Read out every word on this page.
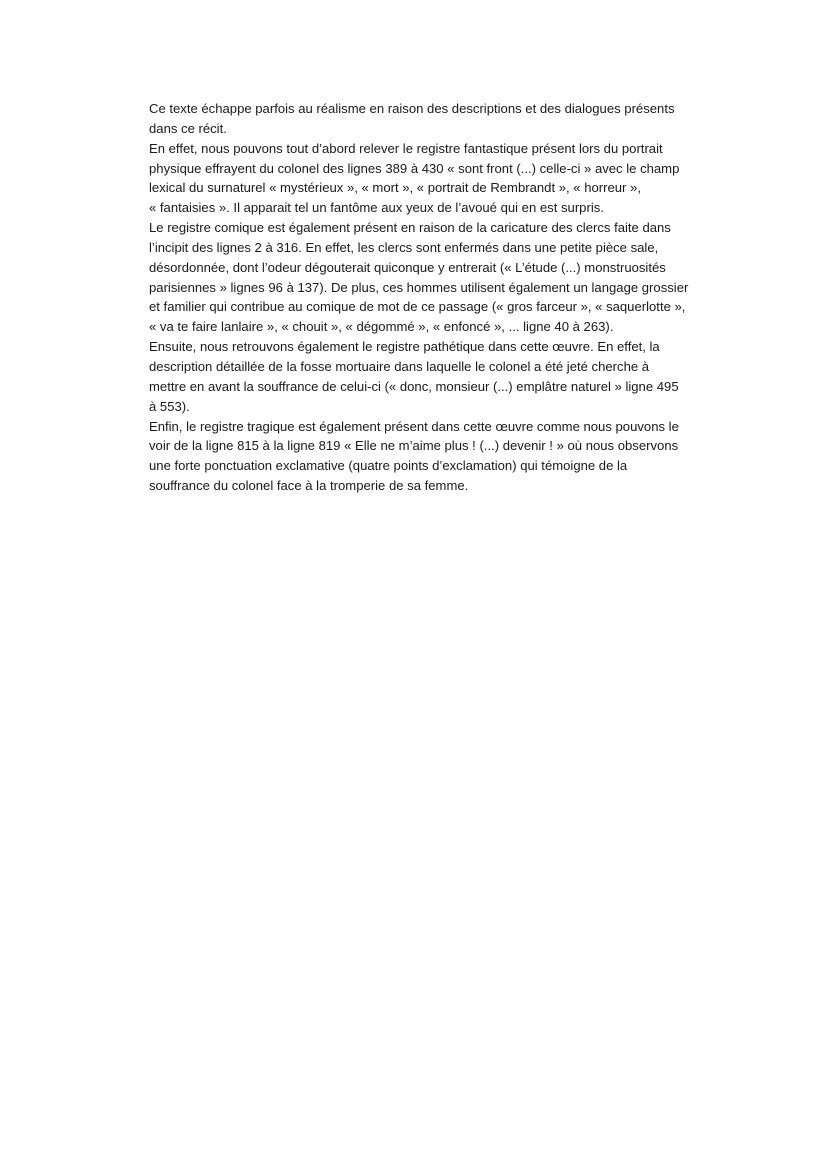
Ce texte échappe parfois au réalisme en raison des descriptions et des dialogues présents
dans ce récit.

En effet, nous pouvons tout d’abord relever le registre fantastique présent lors du portrait
physique effrayent du colonel des lignes 389 à 430 « sont front (...) celle-ci » avec le champ
lexical du surnaturel « mystérieux », « mort », « portrait de Rembrandt », « horreur »,
« fantaisies ». Il apparait tel un fantôme aux yeux de l’avoué qui en est surpris.

Le registre comique est également présent en raison de la caricature des clercs faite dans
l’incipit des lignes 2 à 316. En effet, les clercs sont enfermés dans une petite pièce sale,
désordonnée, dont l’odeur dégouterait quiconque y entrerait (« L’étude (...) monstruosités
parisiennes » lignes 96 à 137). De plus, ces hommes utilisent également un langage grossier
et familier qui contribue au comique de mot de ce passage (« gros farceur », « saquerlotte »,
« va te faire lanlaire », « chouit », « dégommé », « enfoncé », ... ligne 40 à 263).

Ensuite, nous retrouvons également le registre pathétique dans cette œuvre. En effet, la
description détaillée de la fosse mortuaire dans laquelle le colonel a été jeté cherche à
mettre en avant la souffrance de celui-ci (« donc, monsieur (...) emplâtre naturel » ligne 495
à 553).

Enfin, le registre tragique est également présent dans cette œuvre comme nous pouvons le
voir de la ligne 815 à la ligne 819 « Elle ne m’aime plus ! (...) devenir ! » où nous observons
une forte ponctuation exclamative (quatre points d’exclamation) qui témoigne de la
souffrance du colonel face à la tromperie de sa femme.
